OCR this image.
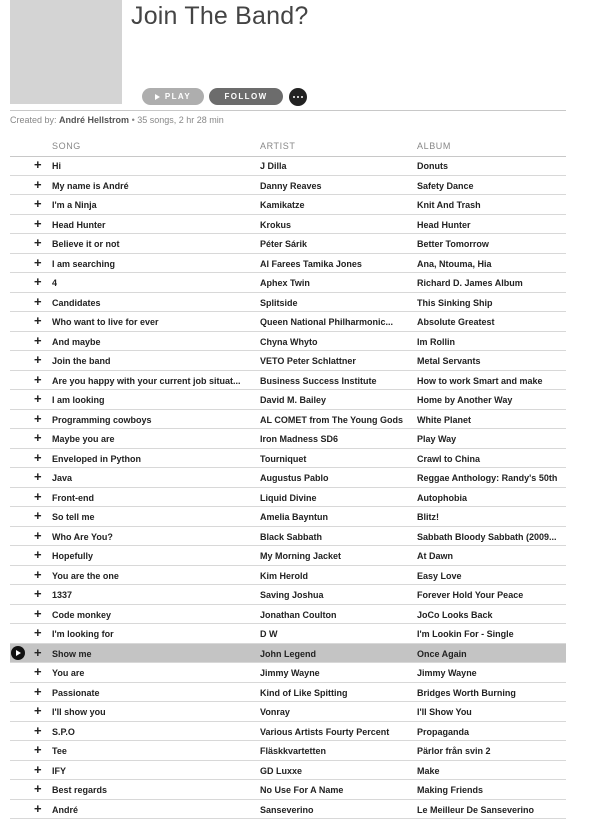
Join The Band?
PLAY	FOLLOW
Created by: André Hellstrom • 35 songs, 2 hr 28 min
SONG	ARTIST	ALBUM
+ Hi	J Dilla	Donuts
+ My name is André	Danny Reaves	Safety Dance
+ I'm a Ninja	Kamikatze	Knit And Trash
+ Head Hunter	Krokus	Head Hunter
+ Believe it or not	Péter Sárik	Better Tomorrow
+ I am searching	Al Farees Tamika Jones	Ana, Ntouma, Hia
+ 4	Aphex Twin	Richard D. James Album
+ Candidates	Splitside	This Sinking Ship
+ Who want to live for ever	Queen National Philharmonic...	Absolute Greatest
+ And maybe	Chyna Whyto	Im Rollin
+ Join the band	VETO Peter Schlattner	Metal Servants
+ Are you happy with your current job situat...	Business Success Institute	How to work Smart and make
+ I am looking	David M. Bailey	Home by Another Way
+ Programming cowboys	AL COMET from The Young Gods	White Planet
+ Maybe you are	Iron Madness SD6	Play Way
+ Enveloped in Python	Tourniquet	Crawl to China
+ Java	Augustus Pablo	Reggae Anthology: Randy's 50th
+ Front-end	Liquid Divine	Autophobia
+ So tell me	Amelia Bayntun	Blitz!
+ Who Are You?	Black Sabbath	Sabbath Bloody Sabbath (2009...
+ Hopefully	My Morning Jacket	At Dawn
+ You are the one	Kim Herold	Easy Love
+ 1337	Saving Joshua	Forever Hold Your Peace
+ Code monkey	Jonathan Coulton	JoCo Looks Back
+ I'm looking for	D W	I'm Lookin For - Single
+ Show me	John Legend	Once Again
+ You are	Jimmy Wayne	Jimmy Wayne
+ Passionate	Kind of Like Spitting	Bridges Worth Burning
+ I'll show you	Vonray	I'll Show You
+ S.P.O	Various Artists Fourty Percent	Propaganda
+ Tee	Fläskkvartetten	Pärlor från svin 2
+ IFY	GD Luxxe	Make
+ Best regards	No Use For A Name	Making Friends
+ André	Sanseverino	Le Meilleur De Sanseverino
